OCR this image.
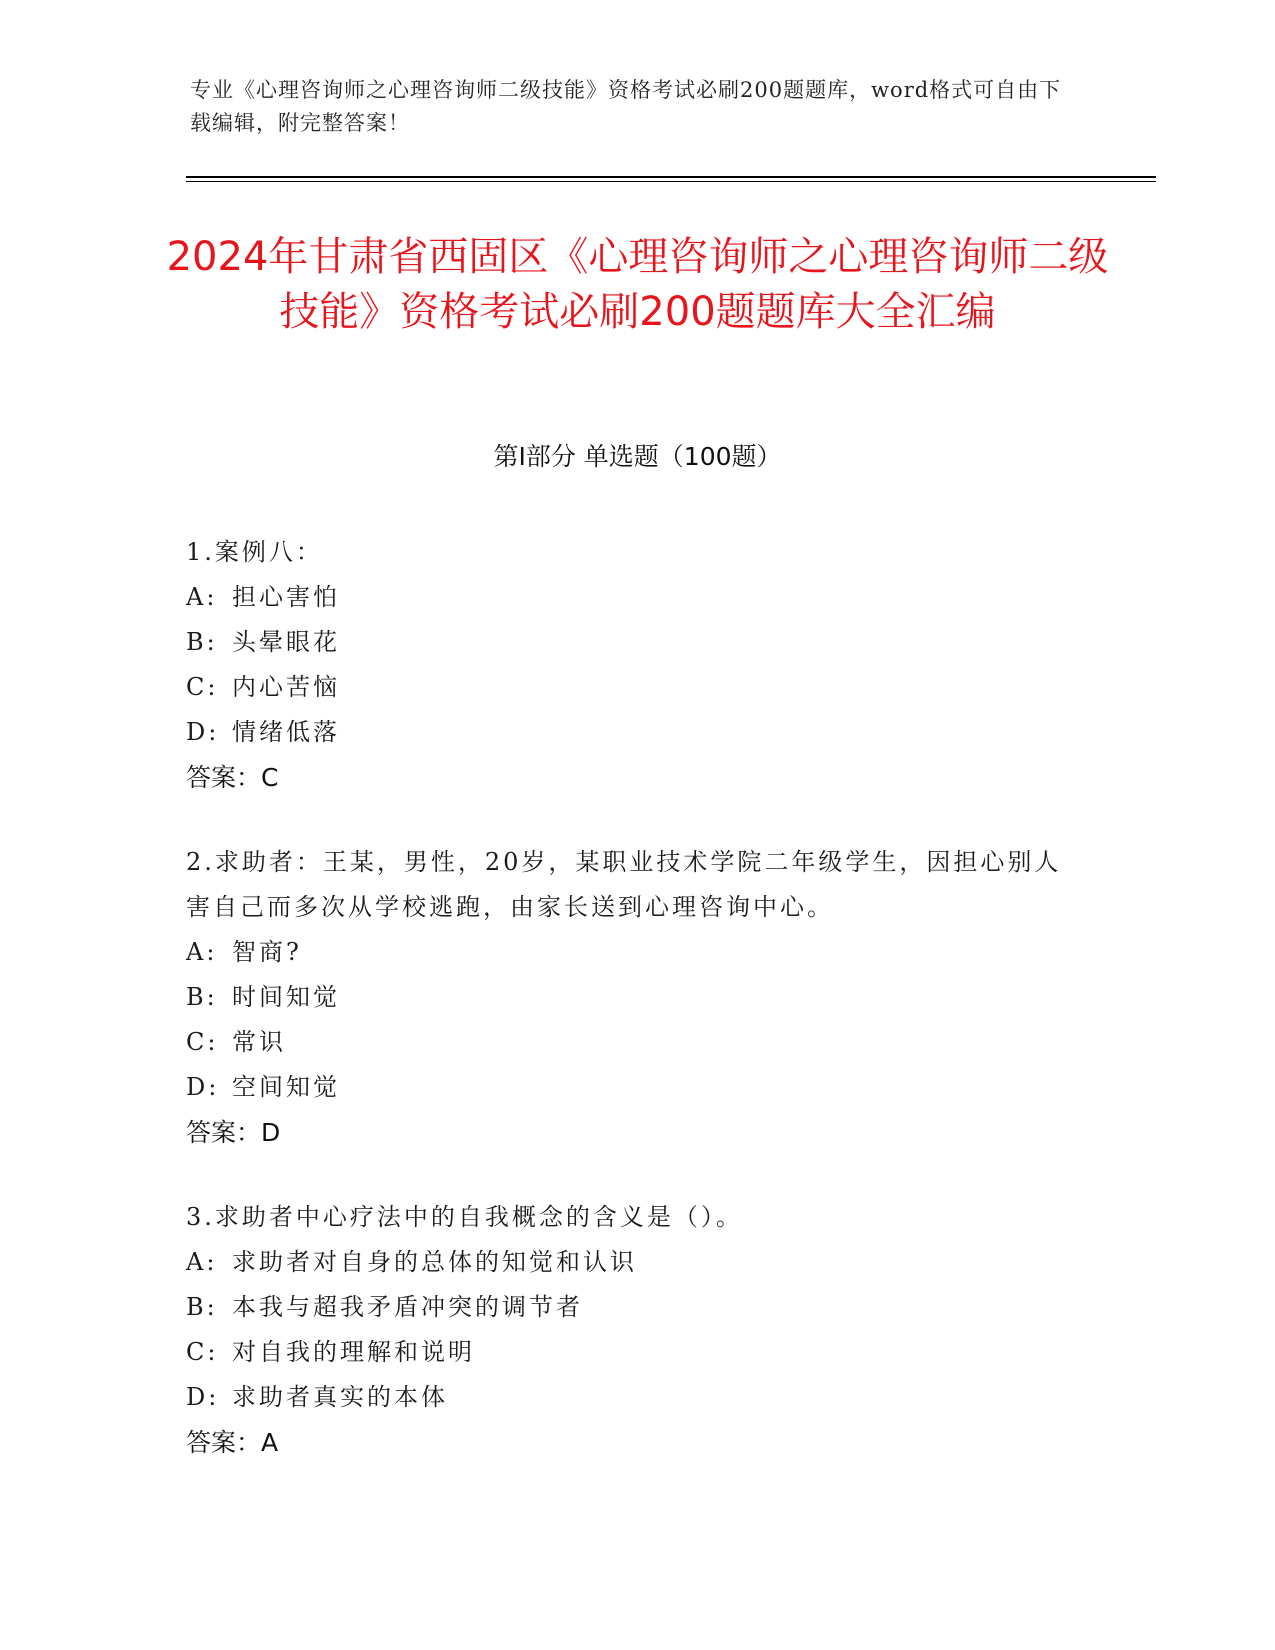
专业《心理咨询师之心理咨询师二级技能》资格考试必刷200题题库，word格式可自由下载编辑，附完整答案！
2024年甘肃省西固区《心理咨询师之心理咨询师二级技能》资格考试必刷200题题库大全汇编
第Ⅰ部分 单选题（100题）
1.案例八：
A: 担心害怕
B: 头晕眼花
C: 内心苦恼
D: 情绪低落
答案：C
2.求助者：王某，男性，20岁，某职业技术学院二年级学生，因担心别人害自己而多次从学校逃跑，由家长送到心理咨询中心。
A: 智商?
B: 时间知觉
C: 常识
D: 空间知觉
答案：D
3.求助者中心疗法中的自我概念的含义是（）。
A: 求助者对自身的总体的知觉和认识
B: 本我与超我矛盾冲突的调节者
C: 对自我的理解和说明
D: 求助者真实的本体
答案：A
